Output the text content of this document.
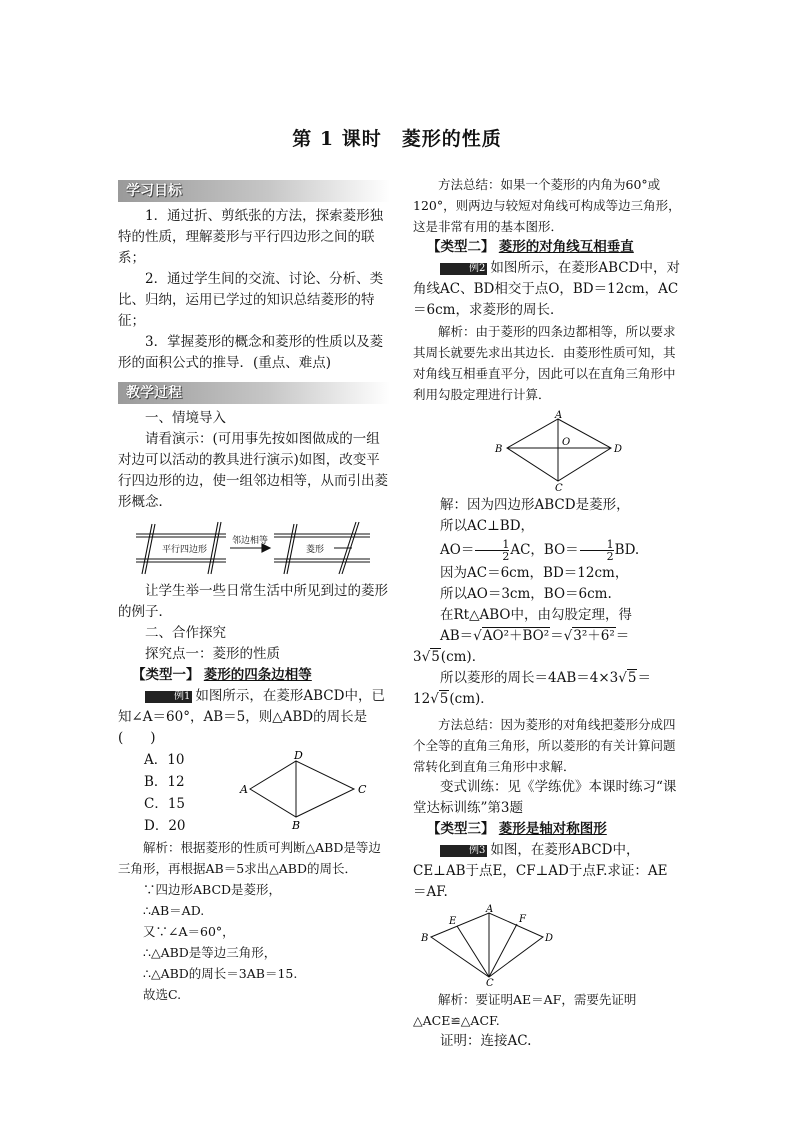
第 1 课时　菱形的性质
学习目标

1．通过折、剪纸张的方法，探索菱形独特的性质，理解菱形与平行四边形之间的联系；

2．通过学生间的交流、讨论、分析、类比、归纳，运用已学过的知识总结菱形的特征；

3．掌握菱形的概念和菱形的性质以及菱形的面积公式的推导．(重点、难点)

教学过程

一、情境导入

请看演示：(可用事先按如图做成的一组对边可以活动的教具进行演示)如图，改变平行四边形的边，使一组邻边相等，从而引出菱形概念．

平行四边形
邻边相等
菱形

让学生举一些日常生活中所见到过的菱形的例子．

二、合作探究

探究点一：菱形的性质

【类型一】 菱形的四条边相等

例1 如图所示，在菱形ABCD中，已

知∠A＝60°，AB＝5，则△ABD的周长是

(　　)

A．10

B．12

C．15

D．20

D
A	C
B

解析：根据菱形的性质可判断△ABD是等边三角形，再根据AB＝5求出△ABD的周长．

∵四边形ABCD是菱形，

∴AB＝AD.

又∵∠A＝60°，

∴△ABD是等边三角形，

∴△ABD的周长＝3AB＝15.

故选C.

方法总结：如果一个菱形的内角为60°或120°，则两边与较短对角线可构成等边三角形，这是非常有用的基本图形．

【类型二】 菱形的对角线互相垂直

例2 如图所示，在菱形ABCD中，对角线AC、BD相交于点O，BD＝12cm，AC＝6cm，求菱形的周长．

解析：由于菱形的四条边都相等，所以要求其周长就要先求出其边长．由菱形性质可知，其对角线互相垂直平分，因此可以在直角三角形中利用勾股定理进行计算．

A
B	D
C
O

解：因为四边形ABCD是菱形，

所以AC⊥BD，

$AO= \frac{1}{2}$ AC，$BO= \frac{1}{2}$ BD.

因为AC＝6cm，BD＝12cm，

所以AO＝3cm，BO＝6cm.

在Rt△ABO中，由勾股定理，得

AB＝√AO²＋BO²＝√3²＋6²＝3√5(cm)．

所以菱形的周长＝4AB＝4×3√5＝12√5(cm)．

方法总结：因为菱形的对角线把菱形分成四个全等的直角三角形，所以菱形的有关计算问题常转化到直角三角形中求解．

变式训练：见《学练优》本课时练习“课堂达标训练”第3题

【类型三】 菱形是轴对称图形

例3 如图，在菱形ABCD中，CE⊥AB于点E，CF⊥AD于点F.求证：AE＝AF.

A
B	D
C
E	F

解析：要证明AE＝AF，需要先证明△ACE≌△ACF.

证明：连接AC.
